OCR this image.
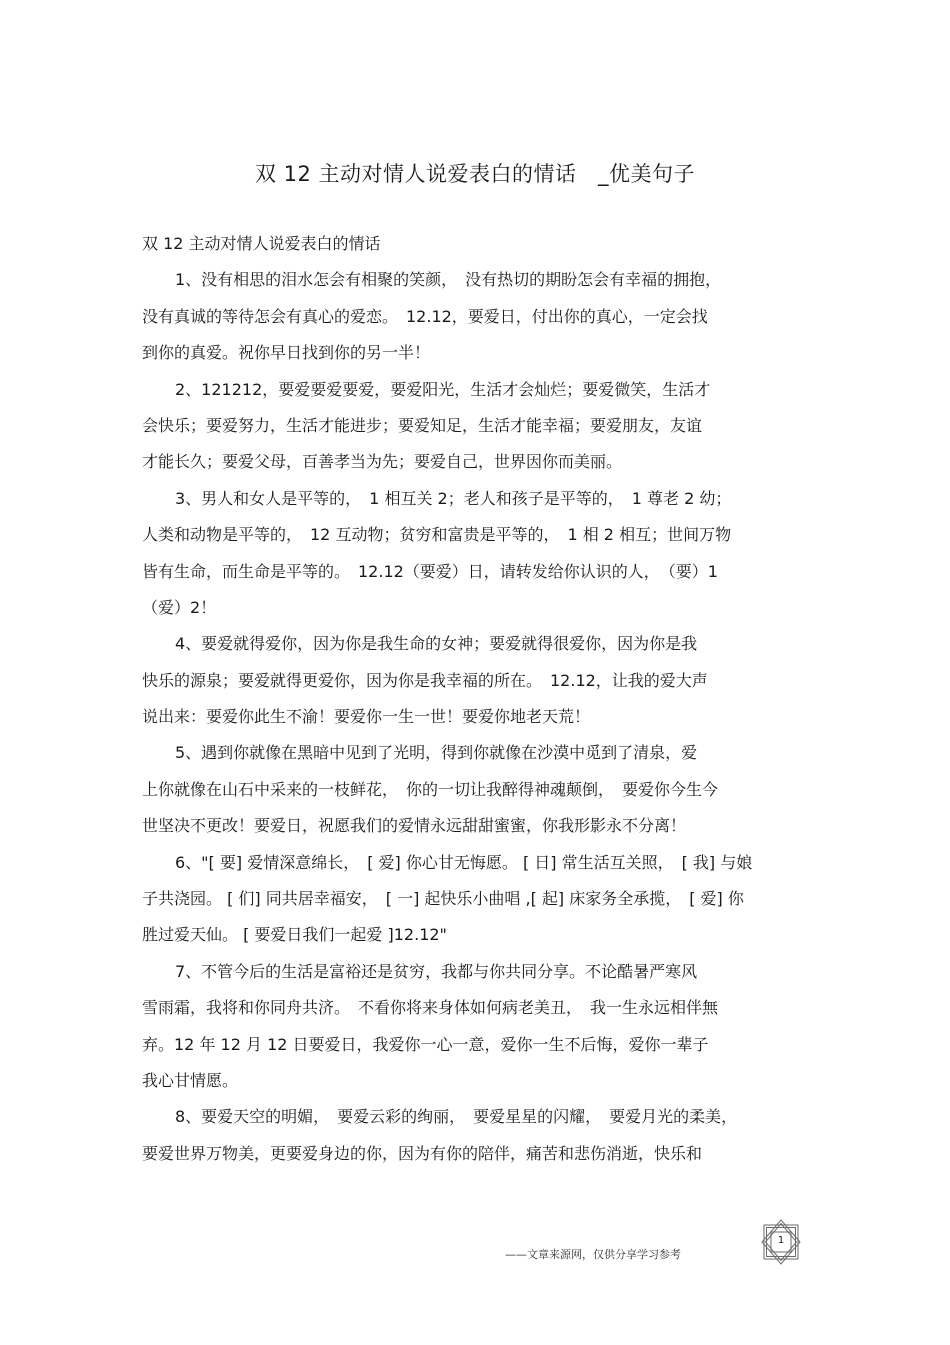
双 12 主动对情人说爱表白的情话　_优美句子
双 12 主动对情人说爱表白的情话
1、没有相思的泪水怎会有相聚的笑颜，　没有热切的期盼怎会有幸福的拥抱，
没有真诚的等待怎会有真心的爱恋。　12.12，要爱日，付出你的真心，一定会找
到你的真爱。祝你早日找到你的另一半！
2、121212，要爱要爱要爱，要爱阳光，生活才会灿烂；要爱微笑，生活才
会快乐；要爱努力，生活才能进步；要爱知足，生活才能幸福；要爱朋友，友谊
才能长久；要爱父母，百善孝当为先；要爱自己，世界因你而美丽。
3、男人和女人是平等的，　1 相互关 2；老人和孩子是平等的，　1 尊老 2 幼；
人类和动物是平等的，　12 互动物；贫穷和富贵是平等的，　1 相 2 相互；世间万物
皆有生命，而生命是平等的。　12.12（要爱）日，请转发给你认识的人，　（要）1
（爱）2！
4、要爱就得爱你，因为你是我生命的女神；要爱就得很爱你，因为你是我
快乐的源泉；要爱就得更爱你，因为你是我幸福的所在。　12.12，让我的爱大声
说出来：要爱你此生不渝！要爱你一生一世！要爱你地老天荒！
5、遇到你就像在黑暗中见到了光明，得到你就像在沙漠中觅到了清泉，爱
上你就像在山石中采来的一枝鲜花，　你的一切让我醉得神魂颠倒，　要爱你今生今
世坚决不更改！要爱日，祝愿我们的爱情永远甜甜蜜蜜，你我形影永不分离！
6、"[ 要] 爱情深意绵长，　[ 爱] 你心甘无悔愿。 [ 日] 常生活互关照，　[ 我] 与娘
子共浇园。 [ 们] 同共居幸福安，　[ 一] 起快乐小曲唱 ,[ 起] 床家务全承揽，　[ 爱] 你
胜过爱天仙。 [ 要爱日我们一起爱 ]12.12"
7、不管今后的生活是富裕还是贫穷，我都与你共同分享。不论酷暑严寒风
雪雨霜，我将和你同舟共济。　不看你将来身体如何病老美丑，　我一生永远相伴無
弃。12 年 12 月 12 日要爱日，我爱你一心一意，爱你一生不后悔，爱你一辈子
我心甘情愿。
8、要爱天空的明媚，　要爱云彩的绚丽，　要爱星星的闪耀，　要爱月光的柔美，
要爱世界万物美，更要爱身边的你，因为有你的陪伴，痛苦和悲伤消逝，快乐和
——文章来源网，仅供分享学习参考
1
